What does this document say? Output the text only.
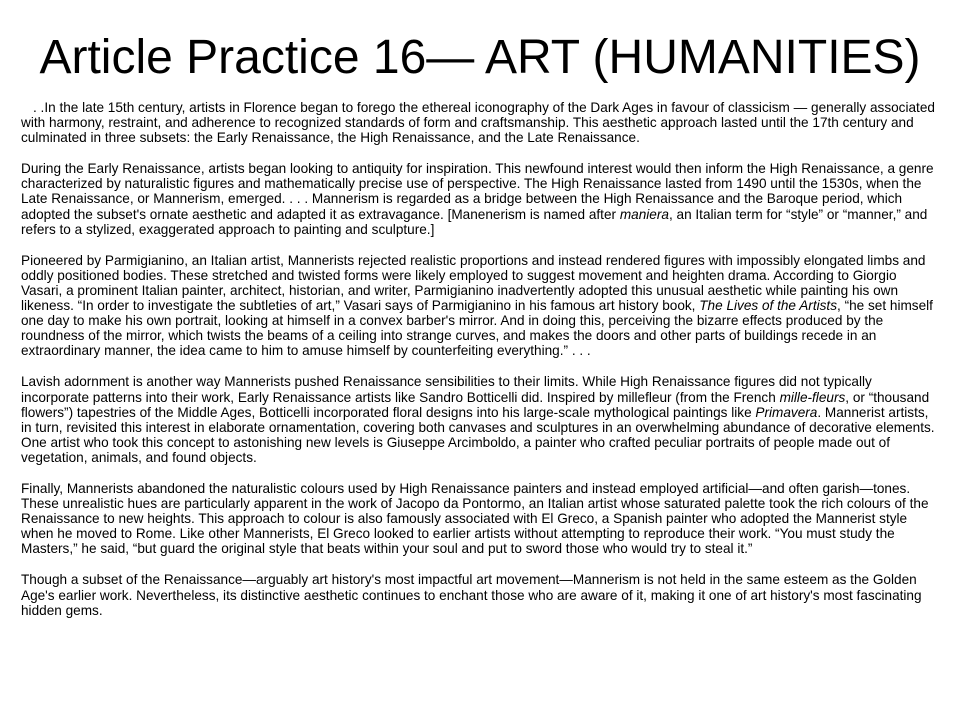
Article Practice 16— ART (HUMANITIES)

. .In the late 15th century, artists in Florence began to forego the ethereal iconography of the Dark Ages in favour of classicism — generally associated with harmony, restraint, and adherence to recognized standards of form and craftsmanship. This aesthetic approach lasted until the 17th century and culminated in three subsets: the Early Renaissance, the High Renaissance, and the Late Renaissance.

During the Early Renaissance, artists began looking to antiquity for inspiration. This newfound interest would then inform the High Renaissance, a genre characterized by naturalistic figures and mathematically precise use of perspective. The High Renaissance lasted from 1490 until the 1530s, when the Late Renaissance, or Mannerism, emerged. . . . Mannerism is regarded as a bridge between the High Renaissance and the Baroque period, which adopted the subset's ornate aesthetic and adapted it as extravagance. [Manenerism is named after maniera, an Italian term for “style” or “manner,” and refers to a stylized, exaggerated approach to painting and sculpture.]

Pioneered by Parmigianino, an Italian artist, Mannerists rejected realistic proportions and instead rendered figures with impossibly elongated limbs and oddly positioned bodies. These stretched and twisted forms were likely employed to suggest movement and heighten drama. According to Giorgio Vasari, a prominent Italian painter, architect, historian, and writer, Parmigianino inadvertently adopted this unusual aesthetic while painting his own likeness. “In order to investigate the subtleties of art,” Vasari says of Parmigianino in his famous art history book, The Lives of the Artists, “he set himself one day to make his own portrait, looking at himself in a convex barber's mirror. And in doing this, perceiving the bizarre effects produced by the roundness of the mirror, which twists the beams of a ceiling into strange curves, and makes the doors and other parts of buildings recede in an extraordinary manner, the idea came to him to amuse himself by counterfeiting everything.” . . .

Lavish adornment is another way Mannerists pushed Renaissance sensibilities to their limits. While High Renaissance figures did not typically incorporate patterns into their work, Early Renaissance artists like Sandro Botticelli did. Inspired by millefleur (from the French mille-fleurs, or “thousand flowers”) tapestries of the Middle Ages, Botticelli incorporated floral designs into his large-scale mythological paintings like Primavera. Mannerist artists, in turn, revisited this interest in elaborate ornamentation, covering both canvases and sculptures in an overwhelming abundance of decorative elements. One artist who took this concept to astonishing new levels is Giuseppe Arcimboldo, a painter who crafted peculiar portraits of people made out of vegetation, animals, and found objects.

Finally, Mannerists abandoned the naturalistic colours used by High Renaissance painters and instead employed artificial—and often garish—tones. These unrealistic hues are particularly apparent in the work of Jacopo da Pontormo, an Italian artist whose saturated palette took the rich colours of the Renaissance to new heights. This approach to colour is also famously associated with El Greco, a Spanish painter who adopted the Mannerist style when he moved to Rome. Like other Mannerists, El Greco looked to earlier artists without attempting to reproduce their work. “You must study the Masters,” he said, “but guard the original style that beats within your soul and put to sword those who would try to steal it.”

Though a subset of the Renaissance—arguably art history's most impactful art movement—Mannerism is not held in the same esteem as the Golden Age's earlier work. Nevertheless, its distinctive aesthetic continues to enchant those who are aware of it, making it one of art history's most fascinating hidden gems.
